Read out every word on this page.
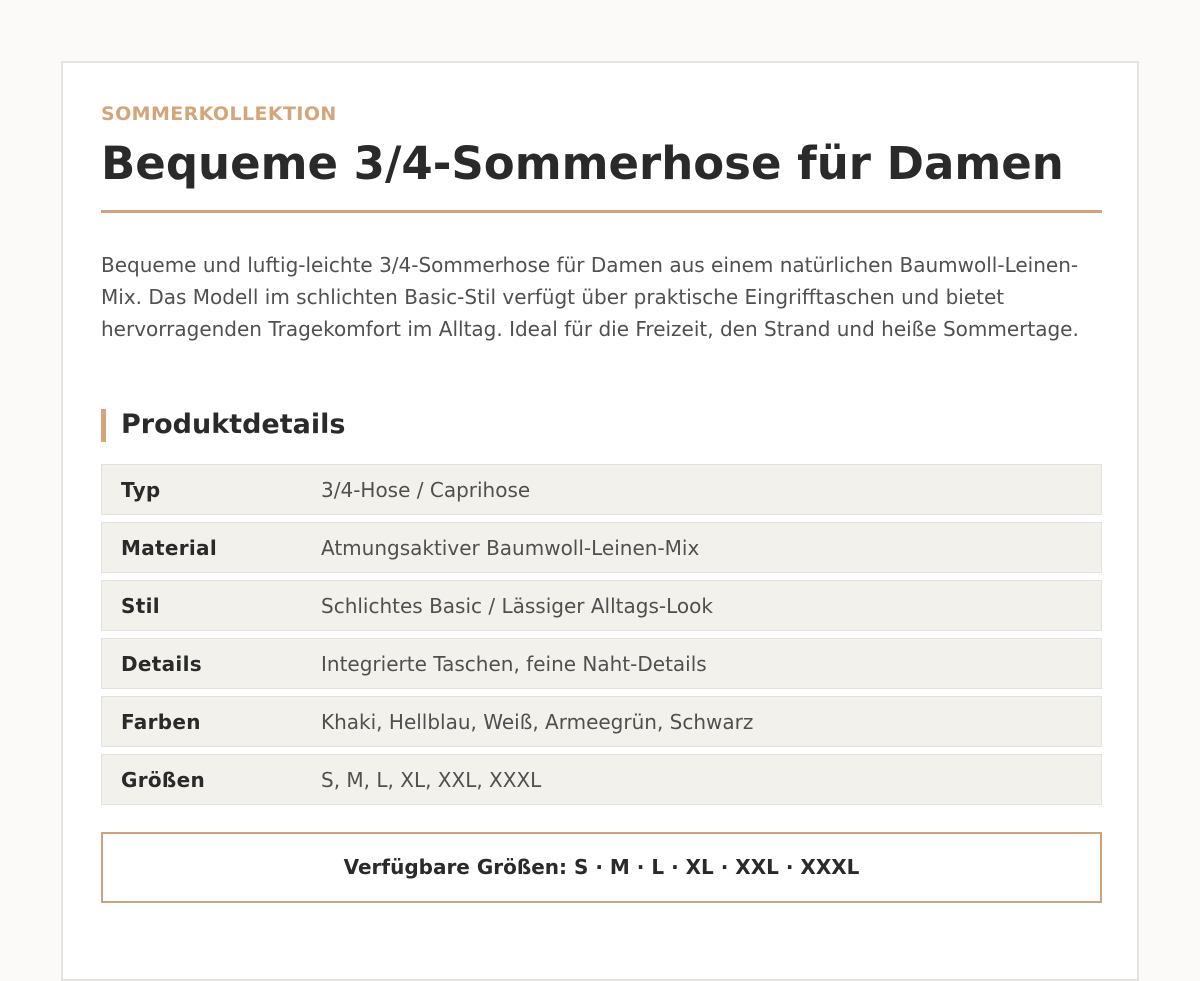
SOMMERKOLLEKTION

Bequeme 3/4-Sommerhose für Damen

Bequeme und luftig-leichte 3/4-Sommerhose für Damen aus einem natürlichen Baumwoll-Leinen-Mix. Das Modell im schlichten Basic-Stil verfügt über praktische Eingrifftaschen und bietet hervorragenden Tragekomfort im Alltag. Ideal für die Freizeit, den Strand und heiße Sommertage.

Produktdetails
Typ	3/4-Hose / Caprihose
Material	Atmungsaktiver Baumwoll-Leinen-Mix
Stil	Schlichtes Basic / Lässiger Alltags-Look
Details	Integrierte Taschen, feine Naht-Details
Farben	Khaki, Hellblau, Weiß, Armeegrün, Schwarz
Größen	S, M, L, XL, XXL, XXXL
Verfügbare Größen: S · M · L · XL · XXL · XXXL
